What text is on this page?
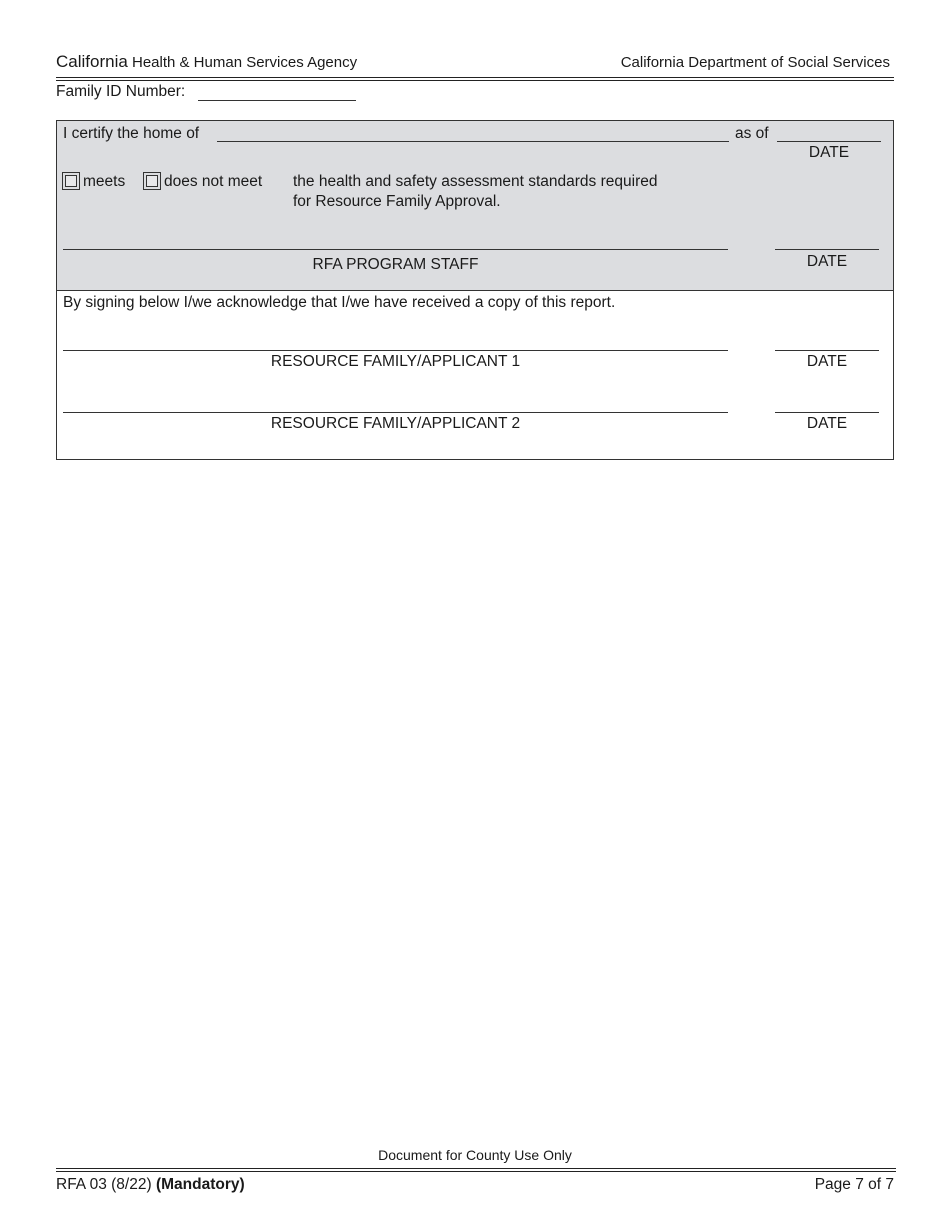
California Health & Human Services Agency	California Department of Social Services
Family ID Number:
I certify the home of	as of
DATE
meets	does not meet the health and safety assessment standards required
for Resource Family Approval.
RFA PROGRAM STAFF	DATE
By signing below I/we acknowledge that I/we have received a copy of this report.
RESOURCE FAMILY/APPLICANT 1	DATE
RESOURCE FAMILY/APPLICANT 2	DATE
Document for County Use Only
RFA 03 (8/22) (Mandatory)	Page 7 of 7
